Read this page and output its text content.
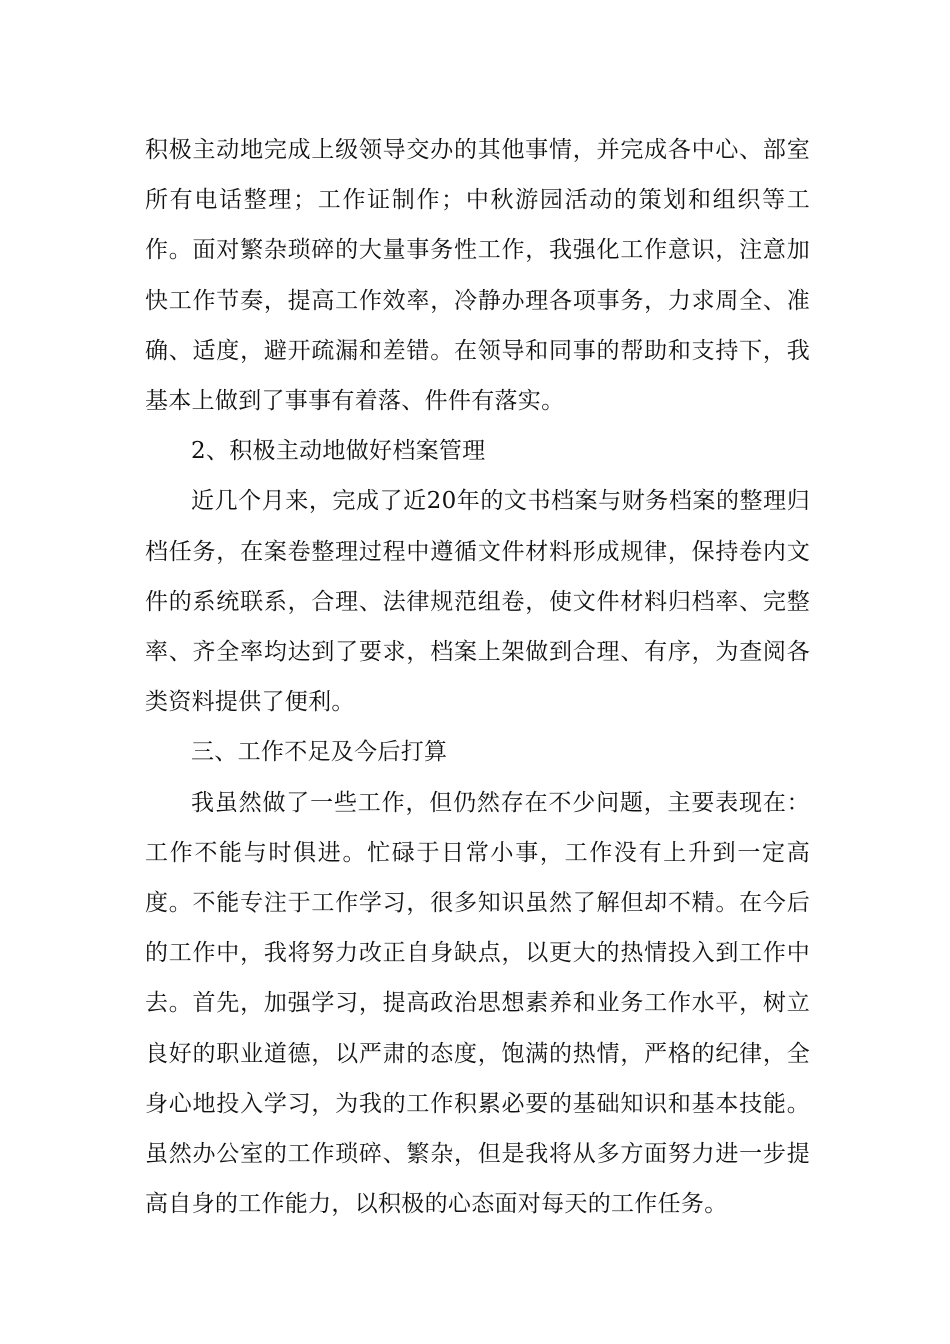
积极主动地完成上级领导交办的其他事情，并完成各中心、部室所有电话整理；工作证制作；中秋游园活动的策划和组织等工作。面对繁杂琐碎的大量事务性工作，我强化工作意识，注意加快工作节奏，提高工作效率，冷静办理各项事务，力求周全、准确、适度，避开疏漏和差错。在领导和同事的帮助和支持下，我基本上做到了事事有着落、件件有落实。

2、积极主动地做好档案管理

近几个月来，完成了近20年的文书档案与财务档案的整理归档任务，在案卷整理过程中遵循文件材料形成规律，保持卷内文件的系统联系，合理、法律规范组卷，使文件材料归档率、完整率、齐全率均达到了要求，档案上架做到合理、有序，为查阅各类资料提供了便利。

三、工作不足及今后打算

我虽然做了一些工作，但仍然存在不少问题，主要表现在：工作不能与时俱进。忙碌于日常小事，工作没有上升到一定高度。不能专注于工作学习，很多知识虽然了解但却不精。在今后的工作中，我将努力改正自身缺点，以更大的热情投入到工作中去。首先，加强学习，提高政治思想素养和业务工作水平，树立良好的职业道德，以严肃的态度，饱满的热情，严格的纪律，全身心地投入学习，为我的工作积累必要的基础知识和基本技能。虽然办公室的工作琐碎、繁杂，但是我将从多方面努力进一步提高自身的工作能力，以积极的心态面对每天的工作任务。
